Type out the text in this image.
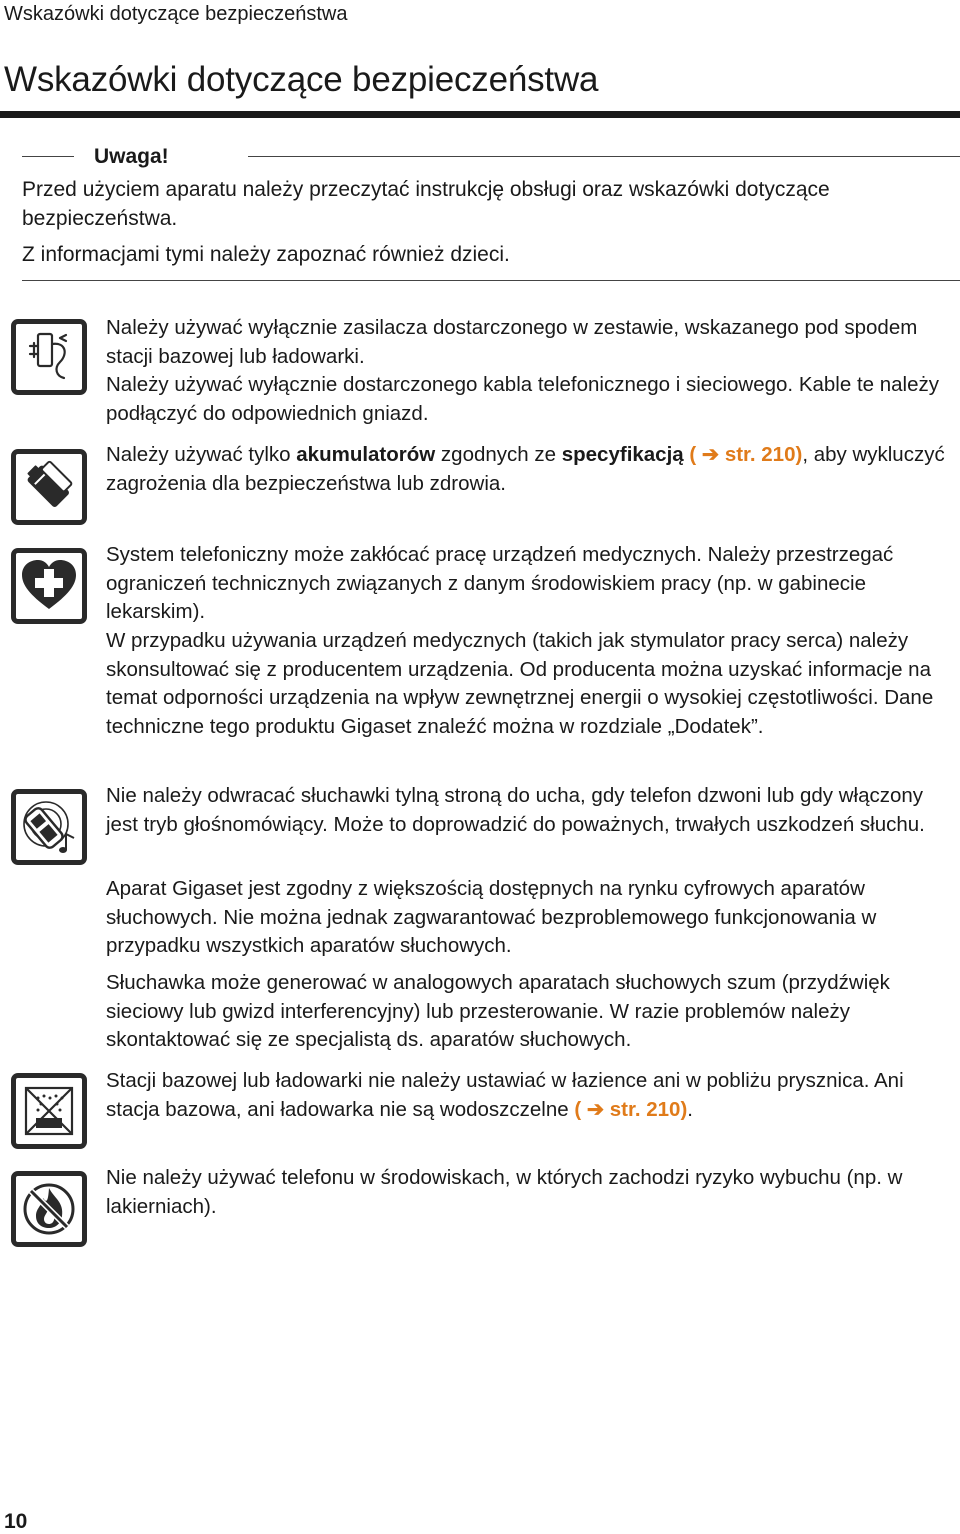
Wskazówki dotyczące bezpieczeństwa
Wskazówki dotyczące bezpieczeństwa
Uwaga!
Przed użyciem aparatu należy przeczytać instrukcję obsługi oraz wskazówki dotyczące bezpieczeństwa.
Z informacjami tymi należy zapoznać również dzieci.
Należy używać wyłącznie zasilacza dostarczonego w zestawie, wskazanego pod spodem stacji bazowej lub ładowarki.
Należy używać wyłącznie dostarczonego kabla telefonicznego i sieciowego. Kable te należy podłączyć do odpowiednich gniazd.
Należy używać tylko akumulatorów zgodnych ze specyfikacją ( ➔ str. 210), aby wykluczyć zagrożenia dla bezpieczeństwa lub zdrowia.
System telefoniczny może zakłócać pracę urządzeń medycznych. Należy przestrzegać ograniczeń technicznych związanych z danym środowiskiem pracy (np. w gabinecie lekarskim).
W przypadku używania urządzeń medycznych (takich jak stymulator pracy serca) należy skonsultować się z producentem urządzenia. Od producenta można uzyskać informacje na temat odporności urządzenia na wpływ zewnętrznej energii o wysokiej częstotliwości. Dane techniczne tego produktu Gigaset znaleźć można w rozdziale „Dodatek”.
Nie należy odwracać słuchawki tylną stroną do ucha, gdy telefon dzwoni lub gdy włączony jest tryb głośnomówiący. Może to doprowadzić do poważnych, trwałych uszkodzeń słuchu.
Aparat Gigaset jest zgodny z większością dostępnych na rynku cyfrowych aparatów słuchowych. Nie można jednak zagwarantować bezproblemowego funkcjonowania w przypadku wszystkich aparatów słuchowych.
Słuchawka może generować w analogowych aparatach słuchowych szum (przydźwięk sieciowy lub gwizd interferencyjny) lub przesterowanie. W razie problemów należy skontaktować się ze specjalistą ds. aparatów słuchowych.
Stacji bazowej lub ładowarki nie należy ustawiać w łazience ani w pobliżu prysznica. Ani stacja bazowa, ani ładowarka nie są wodoszczelne ( ➔ str. 210).
Nie należy używać telefonu w środowiskach, w których zachodzi ryzyko wybuchu (np. w lakierniach).
10
